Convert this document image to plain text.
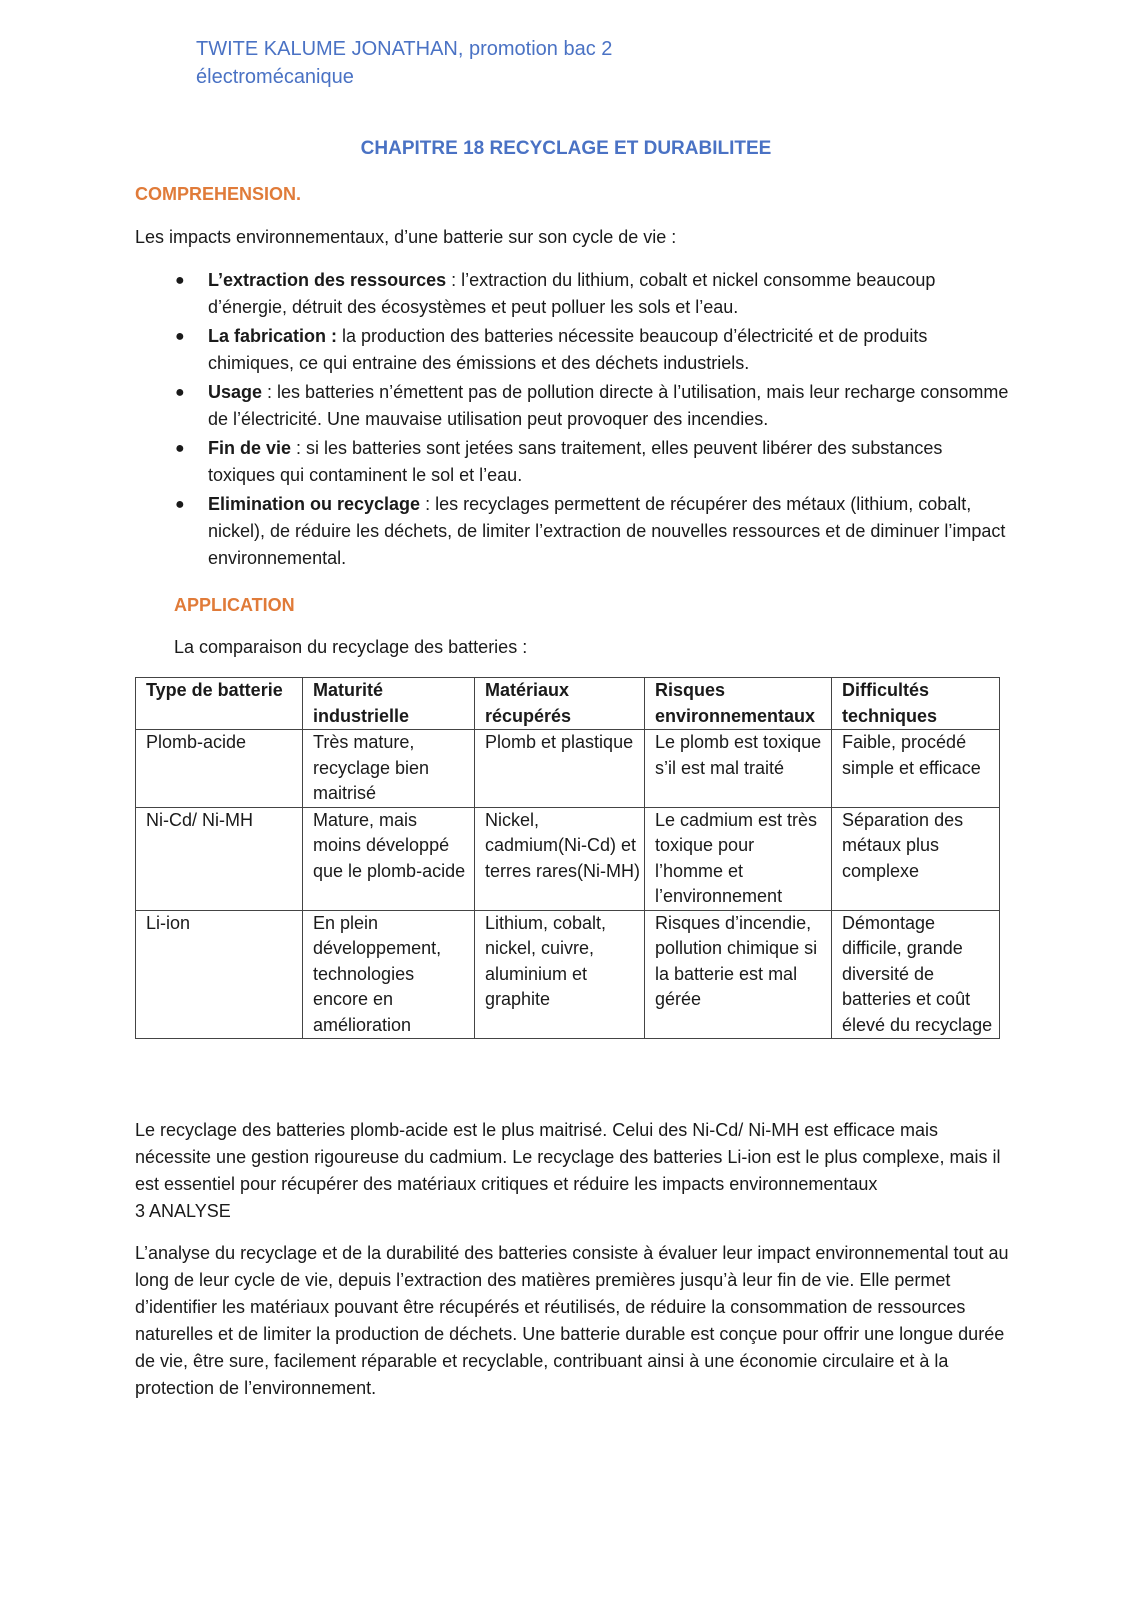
TWITE KALUME JONATHAN, promotion bac 2
électromécanique
CHAPITRE 18 RECYCLAGE ET DURABILITEE
COMPREHENSION.
Les impacts environnementaux, d’une batterie sur son cycle de vie :
● L’extraction des ressources : l’extraction du lithium, cobalt et nickel consomme beaucoup d’énergie, détruit des écosystèmes et peut polluer les sols et l’eau.
● La fabrication : la production des batteries nécessite beaucoup d’électricité et de produits chimiques, ce qui entraine des émissions et des déchets industriels.
● Usage : les batteries n’émettent pas de pollution directe à l’utilisation, mais leur recharge consomme de l’électricité. Une mauvaise utilisation peut provoquer des incendies.
● Fin de vie : si les batteries sont jetées sans traitement, elles peuvent libérer des substances toxiques qui contaminent le sol et l’eau.
● Elimination ou recyclage : les recyclages permettent de récupérer des métaux (lithium, cobalt, nickel), de réduire les déchets, de limiter l’extraction de nouvelles ressources et de diminuer l’impact environnemental.
APPLICATION
La comparaison du recyclage des batteries :
Type de batterie	Maturité industrielle	Matériaux récupérés	Risques environnementaux	Difficultés techniques
Plomb-acide	Très mature, recyclage bien maitrisé	Plomb et plastique	Le plomb est toxique s’il est mal traité	Faible, procédé simple et efficace
Ni-Cd/ Ni-MH	Mature, mais moins développé que le plomb-acide	Nickel, cadmium(Ni-Cd) et terres rares(Ni-MH)	Le cadmium est très toxique pour l’homme et l’environnement	Séparation des métaux plus complexe
Li-ion	En plein développement, technologies encore en amélioration	Lithium, cobalt, nickel, cuivre, aluminium et graphite	Risques d’incendie, pollution chimique si la batterie est mal gérée	Démontage difficile, grande diversité de batteries et coût élevé du recyclage
Le recyclage des batteries plomb-acide est le plus maitrisé. Celui des Ni-Cd/ Ni-MH est efficace mais nécessite une gestion rigoureuse du cadmium. Le recyclage des batteries Li-ion est le plus complexe, mais il est essentiel pour récupérer des matériaux critiques et réduire les impacts environnementaux
3 ANALYSE
L’analyse du recyclage et de la durabilité des batteries consiste à évaluer leur impact environnemental tout au long de leur cycle de vie, depuis l’extraction des matières premières jusqu’à leur fin de vie. Elle permet d’identifier les matériaux pouvant être récupérés et réutilisés, de réduire la consommation de ressources naturelles et de limiter la production de déchets. Une batterie durable est conçue pour offrir une longue durée de vie, être sure, facilement réparable et recyclable, contribuant ainsi à une économie circulaire et à la protection de l’environnement.
